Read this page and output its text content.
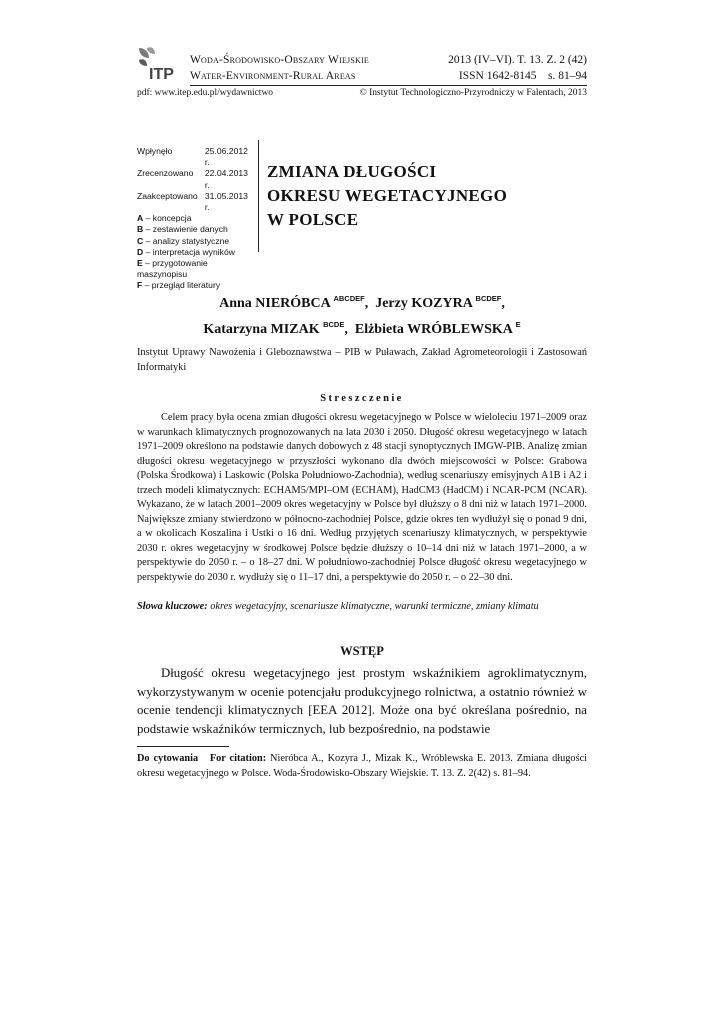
ITP
Woda-Środowisko-Obszary Wiejskie
Water-Environment-Rural Areas
2013 (IV–VI). T. 13. Z. 2 (42)
ISSN 1642-8145    s. 81–94
pdf: www.itep.edu.pl/wydawnictwo	© Instytut Technologiczno-Przyrodniczy w Falentach, 2013
Wpłynęło	25.06.2012 r.
Zrecenzowano	22.04.2013 r.
Zaakceptowano 31.05.2013 r.
A – koncepcja
B – zestawienie danych
C – analizy statystyczne
D – interpretacja wyników
E – przygotowanie maszynopisu
F – przegląd literatury
ZMIANA DŁUGOŚCI
OKRESU WEGETACYJNEGO
W POLSCE
Anna NIERÓBCA $^{ABCDEF}$,  Jerzy KOZYRA $^{BCDEF}$,
Katarzyna MIZAK $^{BCDE}$,  Elżbieta WRÓBLEWSKA $^E$
Instytut Uprawy Nawożenia i Gleboznawstwa – PIB w Puławach, Zakład Agrometeorologii i Zastosowań Informatyki
Streszczenie
Celem pracy była ocena zmian długości okresu wegetacyjnego w Polsce w wieloleciu 1971–2009 oraz w warunkach klimatycznych prognozowanych na lata 2030 i 2050. Długość okresu wegetacyjnego w latach 1971–2009 określono na podstawie danych dobowych z 48 stacji synoptycznych IMGW-PIB. Analizę zmian długości okresu wegetacyjnego w przyszłości wykonano dla dwóch miejscowości w Polsce: Grabowa (Polska Środkowa) i Laskowic (Polska Południowo-Zachodnia), według scenariuszy emisyjnych A1B i A2 i trzech modeli klimatycznych: ECHAM5/MPI–OM (ECHAM), HadCM3 (HadCM) i NCAR-PCM (NCAR). Wykazano, że w latach 2001–2009 okres wegetacyjny w Polsce był dłuższy o 8 dni niż w latach 1971–2000. Największe zmiany stwierdzono w północno-zachodniej Polsce, gdzie okres ten wydłużył się o ponad 9 dni, a w okolicach Koszalina i Ustki o 16 dni. Według przyjętych scenariuszy klimatycznych, w perspektywie 2030 r. okres wegetacyjny w środkowej Polsce będzie dłuższy o 10–14 dni niż w latach 1971–2000, a w perspektywie do 2050 r. – o 18–27 dni. W południowo-zachodniej Polsce długość okresu wegetacyjnego w perspektywie do 2030 r. wydłuży się o 11–17 dni, a perspektywie do 2050 r. – o 22–30 dni.
Słowa kluczowe: okres wegetacyjny, scenariusze klimatyczne, warunki termiczne, zmiany klimatu
WSTĘP
Długość okresu wegetacyjnego jest prostym wskaźnikiem agroklimatycznym, wykorzystywanym w ocenie potencjału produkcyjnego rolnictwa, a ostatnio również w ocenie tendencji klimatycznych [EEA 2012]. Może ona być określana pośrednio, na podstawie wskaźników termicznych, lub bezpośrednio, na podstawie
Do cytowania   For citation: Nieróbca A., Kozyra J., Mizak K., Wróblewska E. 2013. Zmiana długości okresu wegetacyjnego w Polsce. Woda-Środowisko-Obszary Wiejskie. T. 13. Z. 2(42) s. 81–94.
